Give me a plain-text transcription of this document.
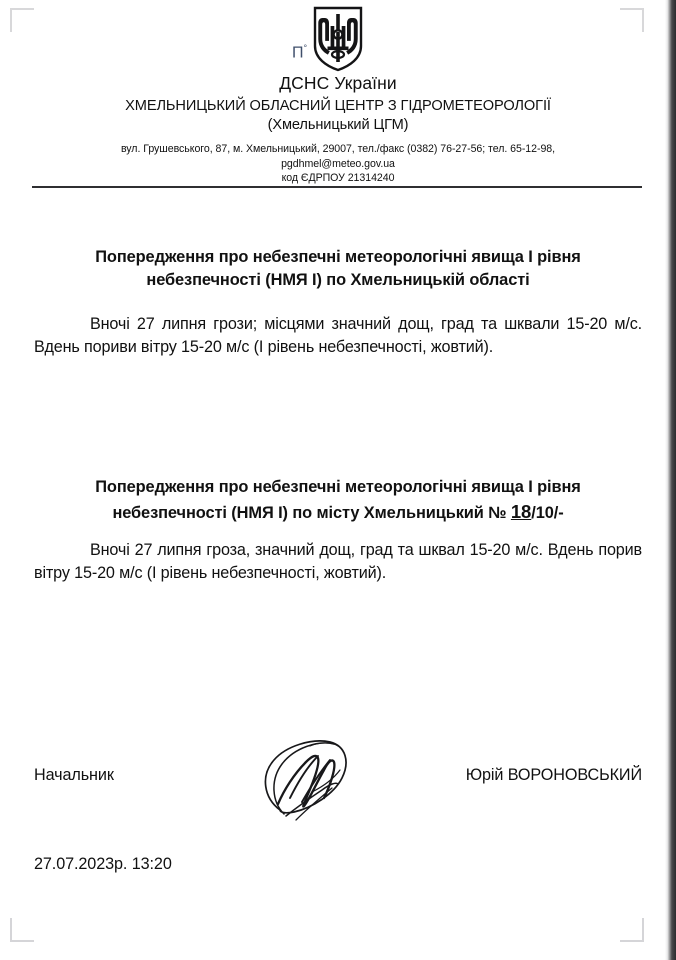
П°
ДСНС України
ХМЕЛЬНИЦЬКИЙ ОБЛАСНИЙ ЦЕНТР З ГІДРОМЕТЕОРОЛОГІЇ
(Хмельницький ЦГМ)
вул. Грушевського, 87, м. Хмельницький, 29007, тел./факс (0382) 76-27-56; тел. 65-12-98,
pgdhmel@meteo.gov.ua
код ЄДРПОУ 21314240
Попередження про небезпечні метеорологічні явища І рівня
небезпечності (НМЯ І) по Хмельницькій області
Вночі 27 липня грози; місцями значний дощ, град та шквали 15-20 м/с. Вдень пориви вітру 15-20 м/с (І рівень небезпечності, жовтий).
Попередження про небезпечні метеорологічні явища І рівня
небезпечності (НМЯ І) по місту Хмельницький № 18/10/-
Вночі 27 липня гроза, значний дощ, град та шквал 15-20 м/с. Вдень порив вітру 15-20 м/с (І рівень небезпечності, жовтий).
Начальник	Юрій ВОРОНОВСЬКИЙ
27.07.2023р. 13:20
